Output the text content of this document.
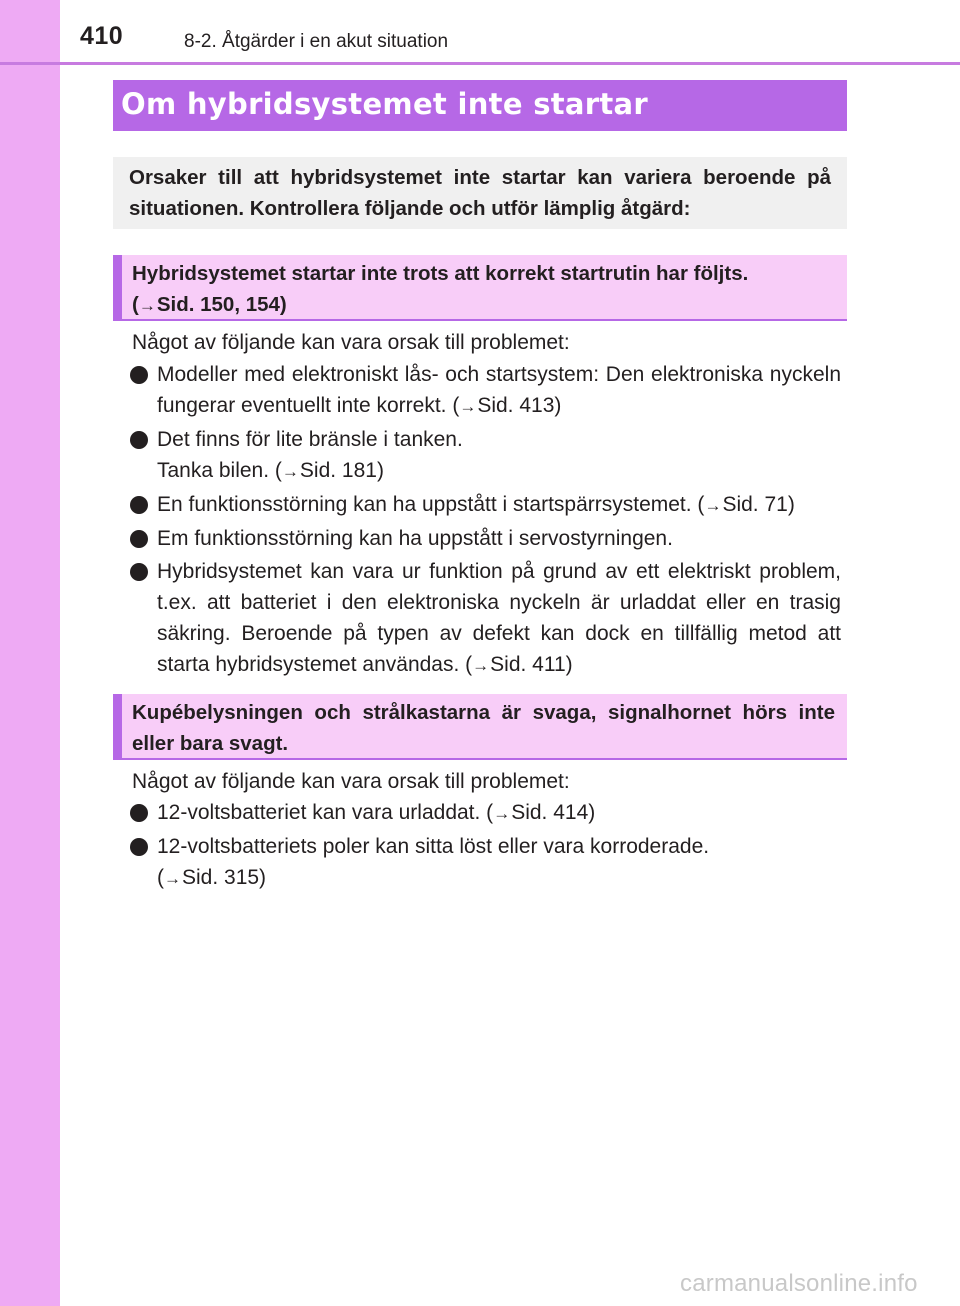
410	8-2. Åtgärder i en akut situation
Om hybridsystemet inte startar
Orsaker till att hybridsystemet inte startar kan variera beroende på situationen. Kontrollera följande och utför lämplig åtgärd:
Hybridsystemet startar inte trots att korrekt startrutin har följts.
(→Sid. 150, 154)
Något av följande kan vara orsak till problemet:
Modeller med elektroniskt lås- och startsystem: Den elektroniska nyckeln fungerar eventuellt inte korrekt. (→Sid. 413)
Det finns för lite bränsle i tanken.
Tanka bilen. (→Sid. 181)
En funktionsstörning kan ha uppstått i startspärrsystemet. (→Sid. 71)
Em funktionsstörning kan ha uppstått i servostyrningen.
Hybridsystemet kan vara ur funktion på grund av ett elektriskt problem, t.ex. att batteriet i den elektroniska nyckeln är urladdat eller en trasig säkring. Beroende på typen av defekt kan dock en tillfällig metod att starta hybridsystemet användas. (→Sid. 411)
Kupébelysningen och strålkastarna är svaga, signalhornet hörs inte eller bara svagt.
Något av följande kan vara orsak till problemet:
12-voltsbatteriet kan vara urladdat. (→Sid. 414)
12-voltsbatteriets poler kan sitta löst eller vara korroderade.
(→Sid. 315)
carmanualsonline.info
